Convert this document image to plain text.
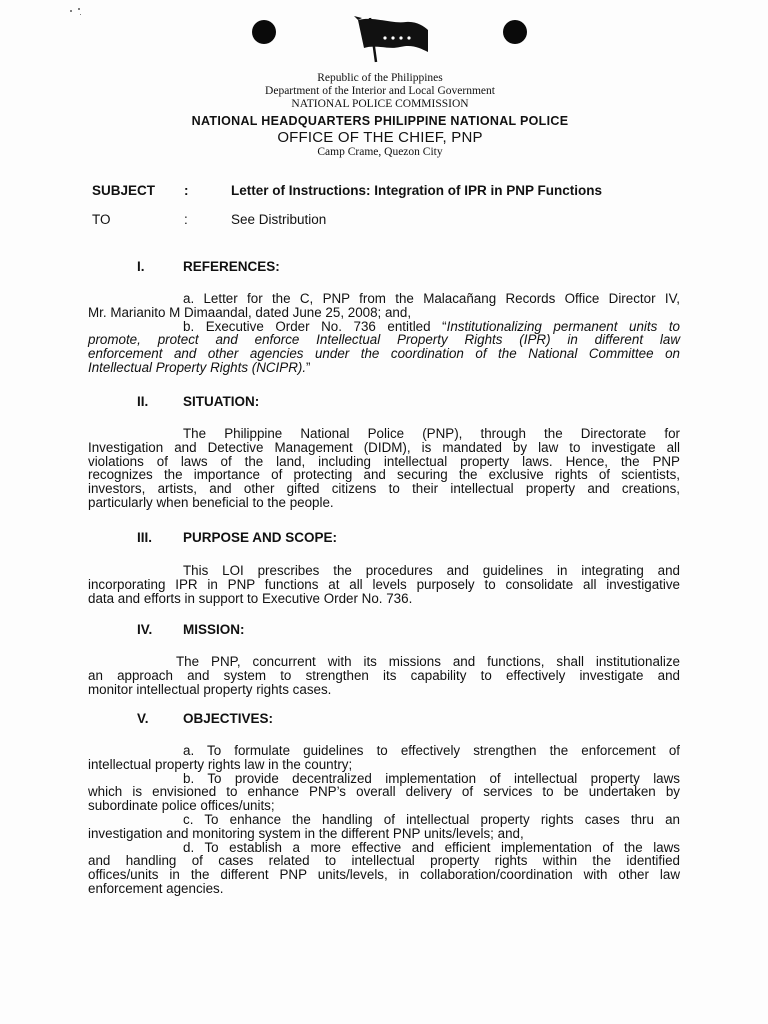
Republic of the Philippines
Department of the Interior and Local Government
NATIONAL POLICE COMMISSION
NATIONAL HEADQUARTERS PHILIPPINE NATIONAL POLICE
OFFICE OF THE CHIEF, PNP
Camp Crame, Quezon City
SUBJECT :	Letter of Instructions: Integration of IPR in PNP Functions
TO	:	See Distribution
I.	REFERENCES:
a. Letter for the C, PNP from the Malacañang Records Office Director IV,
Mr. Marianito M Dimaandal, dated June 25, 2008; and,
b. Executive Order No. 736 entitled “Institutionalizing permanent units to
promote, protect and enforce Intellectual Property Rights (IPR) in different law
enforcement and other agencies under the coordination of the National Committee on
Intellectual Property Rights (NCIPR).”
II.	SITUATION:
The Philippine National Police (PNP), through the Directorate for
Investigation and Detective Management (DIDM), is mandated by law to investigate all
violations of laws of the land, including intellectual property laws. Hence, the PNP
recognizes the importance of protecting and securing the exclusive rights of scientists,
investors, artists, and other gifted citizens to their intellectual property and creations,
particularly when beneficial to the people.
III. PURPOSE AND SCOPE:
This LOI prescribes the procedures and guidelines in integrating and
incorporating IPR in PNP functions at all levels purposely to consolidate all investigative
data and efforts in support to Executive Order No. 736.
IV. MISSION:
The PNP, concurrent with its missions and functions, shall institutionalize
an approach and system to strengthen its capability to effectively investigate and
monitor intellectual property rights cases.
V.	OBJECTIVES:
a. To formulate guidelines to effectively strengthen the enforcement of
intellectual property rights law in the country;
b. To provide decentralized implementation of intellectual property laws
which is envisioned to enhance PNP’s overall delivery of services to be undertaken by
subordinate police offices/units;
c. To enhance the handling of intellectual property rights cases thru an
investigation and monitoring system in the different PNP units/levels; and,
d. To establish a more effective and efficient implementation of the laws
and handling of cases related to intellectual property rights within the identified
offices/units in the different PNP units/levels, in collaboration/coordination with other law
enforcement agencies.
